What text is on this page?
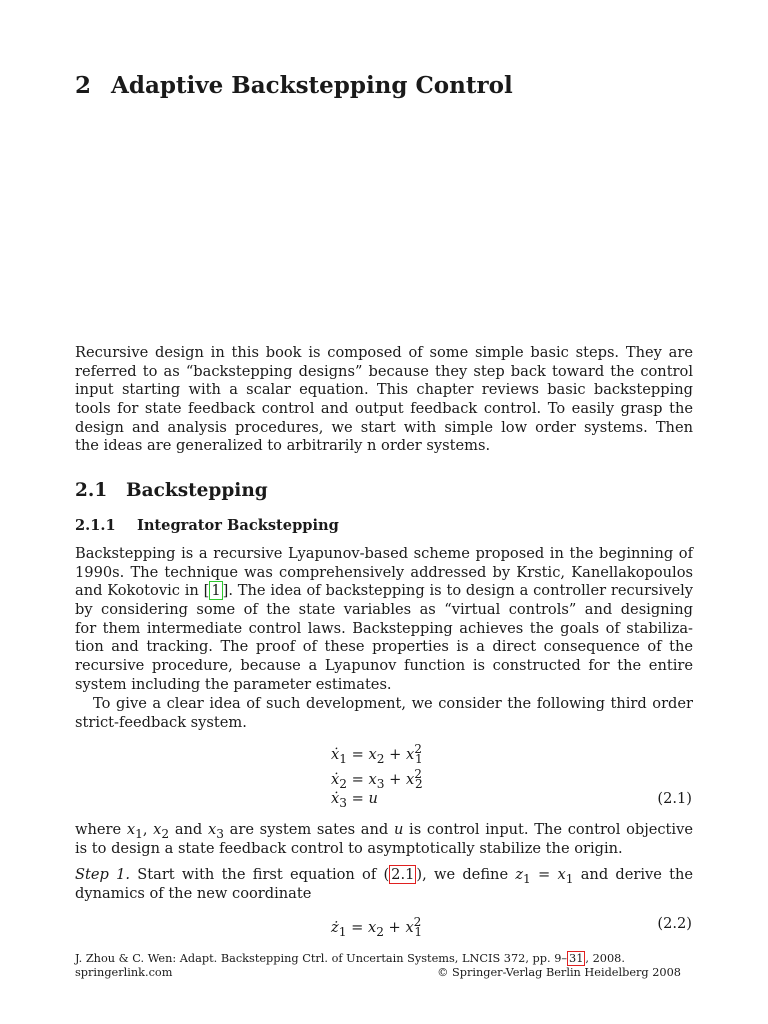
2 Adaptive Backstepping Control
Recursive design in this book is composed of some simple basic steps. They are
referred to as “backstepping designs” because they step back toward the control
input starting with a scalar equation. This chapter reviews basic backstepping
tools for state feedback control and output feedback control. To easily grasp the
design and analysis procedures, we start with simple low order systems. Then
the ideas are generalized to arbitrarily n order systems.
2.1 Backstepping
2.1.1 Integrator Backstepping
Backstepping is a recursive Lyapunov-based scheme proposed in the beginning of
1990s. The technique was comprehensively addressed by Krstic, Kanellakopoulos
and Kokotovic in [ 1 ]. The idea of backstepping is to design a controller recursively
by considering some of the state variables as “virtual controls” and designing
for them intermediate control laws. Backstepping achieves the goals of stabiliza-
tion and tracking. The proof of these properties is a direct consequence of the
recursive procedure, because a Lyapunov function is constructed for the entire
system including the parameter estimates.
To give a clear idea of such development, we consider the following third order
strict-feedback system.
ẋ$_1$ = $x_2 + x^2_1$
ẋ$_2$ = $x_3 + x^2_2$
ẋ$_3$ = u	(2.1)
where $x_1$, $x_2$ and $x_3$ are system sates and u is control input. The control objective
is to design a state feedback control to asymptotically stabilize the origin.
Step 1. Start with the first equation of ( 2.1 ), we define $z_1 = x_1$ and derive the
dynamics of the new coordinate
$ż_1 = x_2 + x^2_1$	(2.2)
J. Zhou & C. Wen: Adapt. Backstepping Ctrl. of Uncertain Systems, LNCIS 372, pp. 9– 31 , 2008.
springerlink.com	© Springer-Verlag Berlin Heidelberg 2008
